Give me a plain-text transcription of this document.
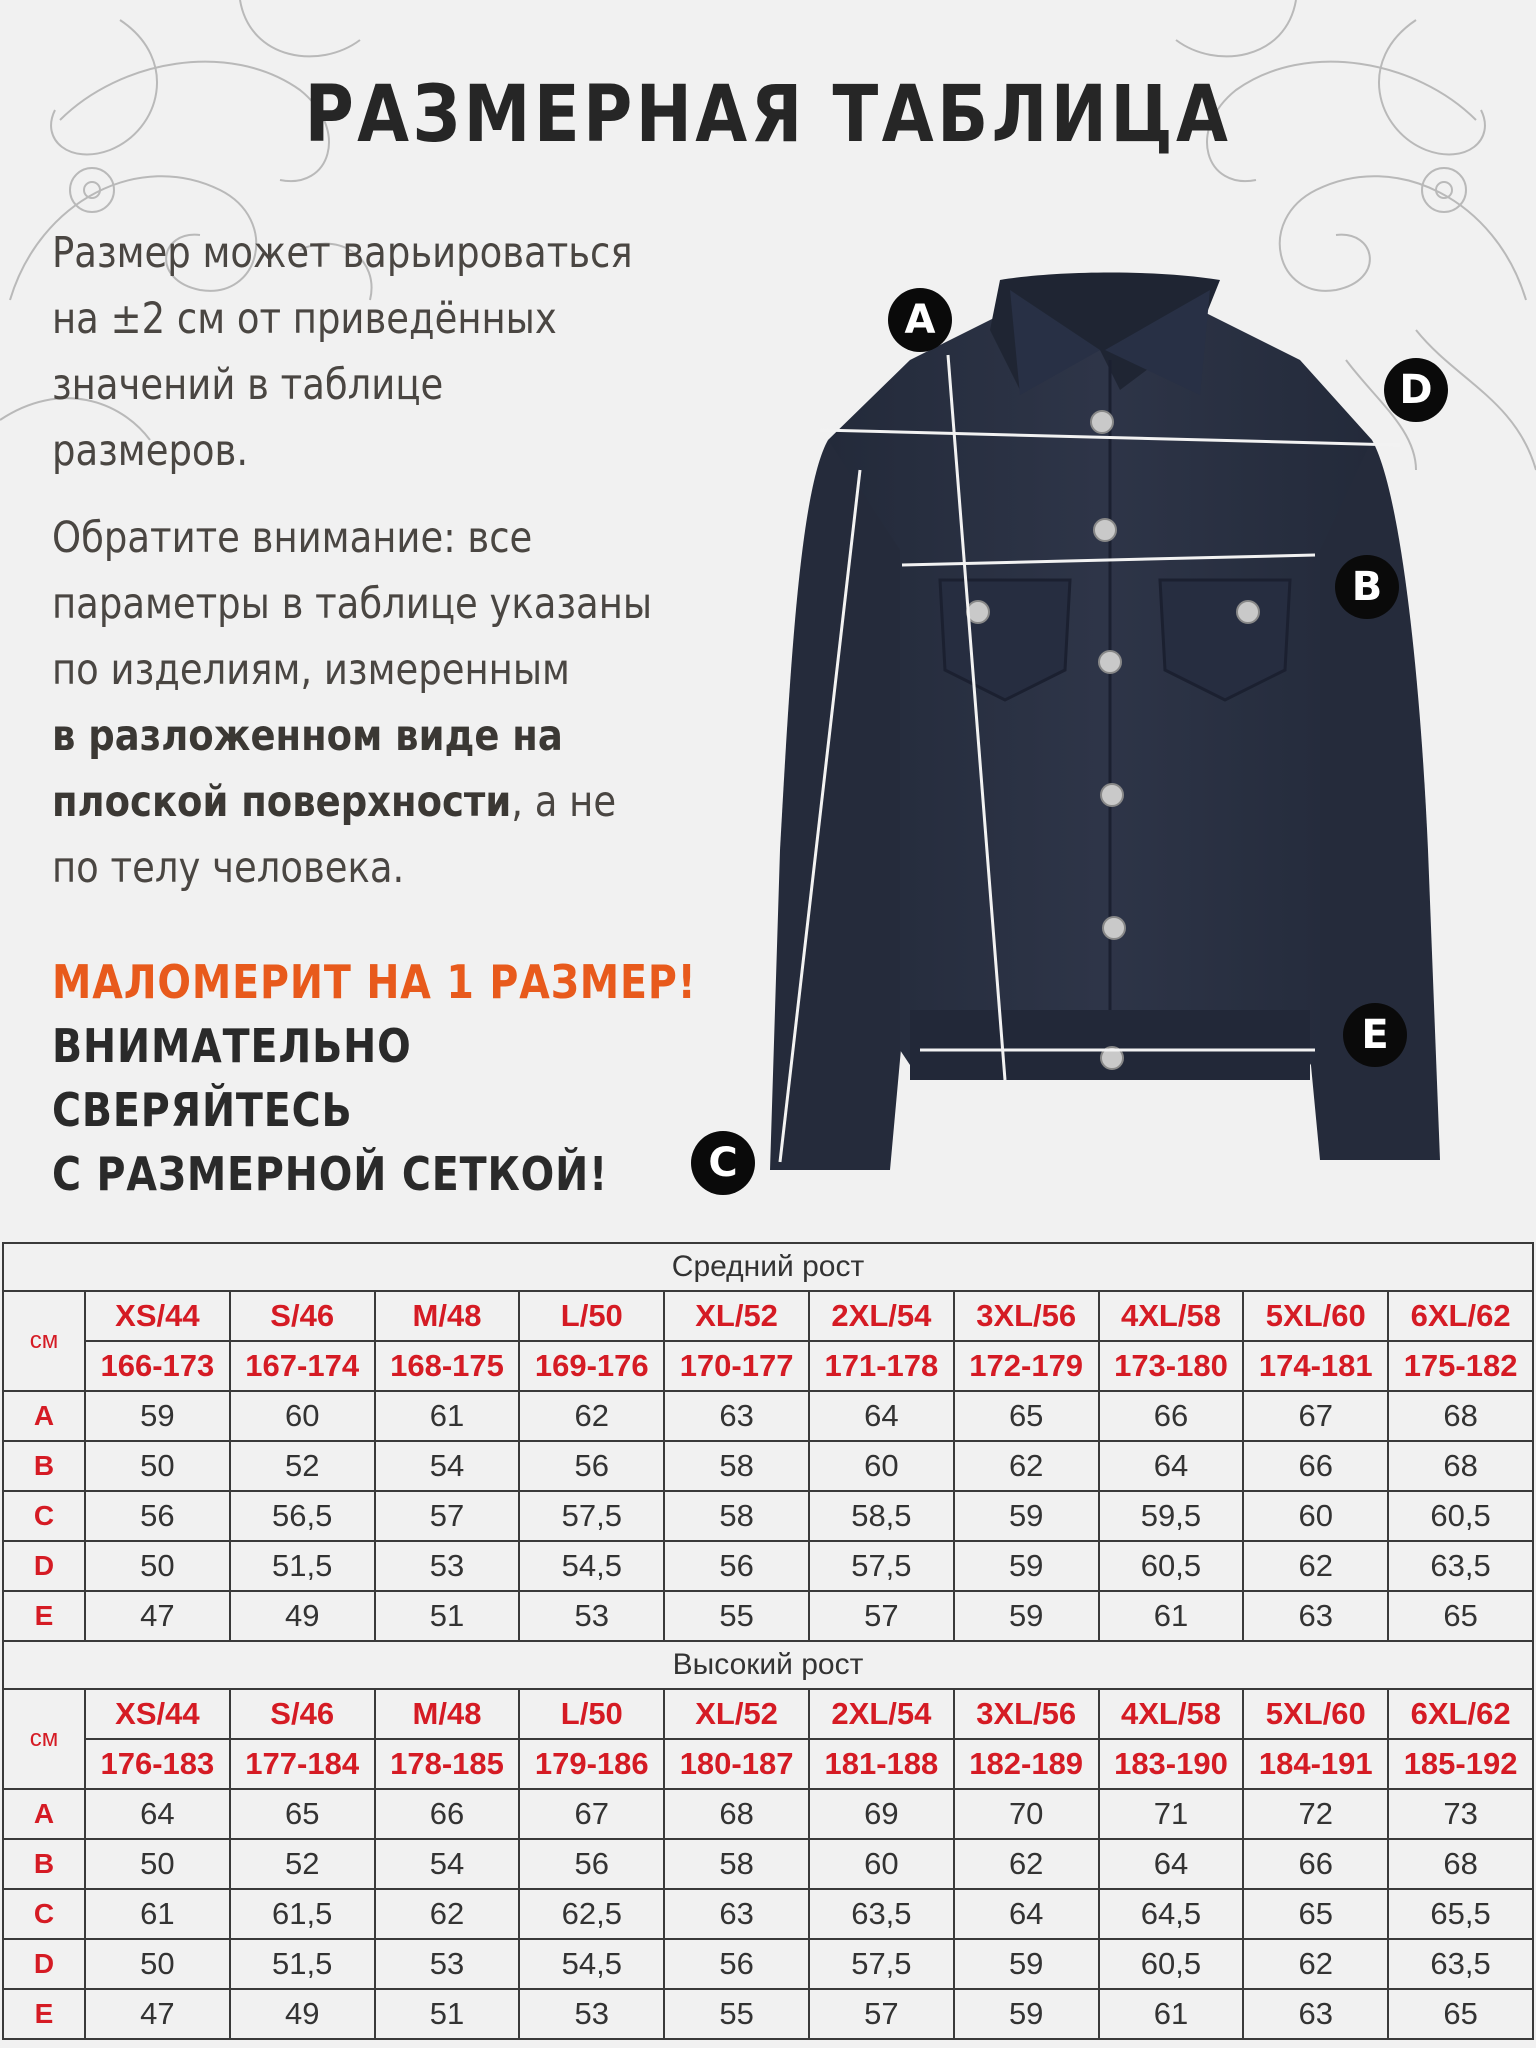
РАЗМЕРНАЯ ТАБЛИЦА
Размер может варьироваться
на ±2 см от приведённых
значений в таблице
размеров.
Обратите внимание: все
параметры в таблице указаны
по изделиям, измеренным
в разложенном виде на
плоской поверхности, а не
по телу человека.
МАЛОМЕРИТ НА 1 РАЗМЕР!
ВНИМАТЕЛЬНО СВЕРЯЙТЕСЬ
С РАЗМЕРНОЙ СЕТКОЙ!
A
B
C
D
E
Средний рост										
см	XS/44	S/46	M/48	L/50	XL/52	2XL/54	3XL/56	4XL/58	5XL/60	6XL/62
	166-173	167-174	168-175	169-176	170-177	171-178	172-179	173-180	174-181	175-182
A	59	60	61	62	63	64	65	66	67	68
B	50	52	54	56	58	60	62	64	66	68
C	56	56,5	57	57,5	58	58,5	59	59,5	60	60,5
D	50	51,5	53	54,5	56	57,5	59	60,5	62	63,5
E	47	49	51	53	55	57	59	61	63	65
Высокий рост										
см	XS/44	S/46	M/48	L/50	XL/52	2XL/54	3XL/56	4XL/58	5XL/60	6XL/62
	176-183	177-184	178-185	179-186	180-187	181-188	182-189	183-190	184-191	185-192
A	64	65	66	67	68	69	70	71	72	73
B	50	52	54	56	58	60	62	64	66	68
C	61	61,5	62	62,5	63	63,5	64	64,5	65	65,5
D	50	51,5	53	54,5	56	57,5	59	60,5	62	63,5
E	47	49	51	53	55	57	59	61	63	65
